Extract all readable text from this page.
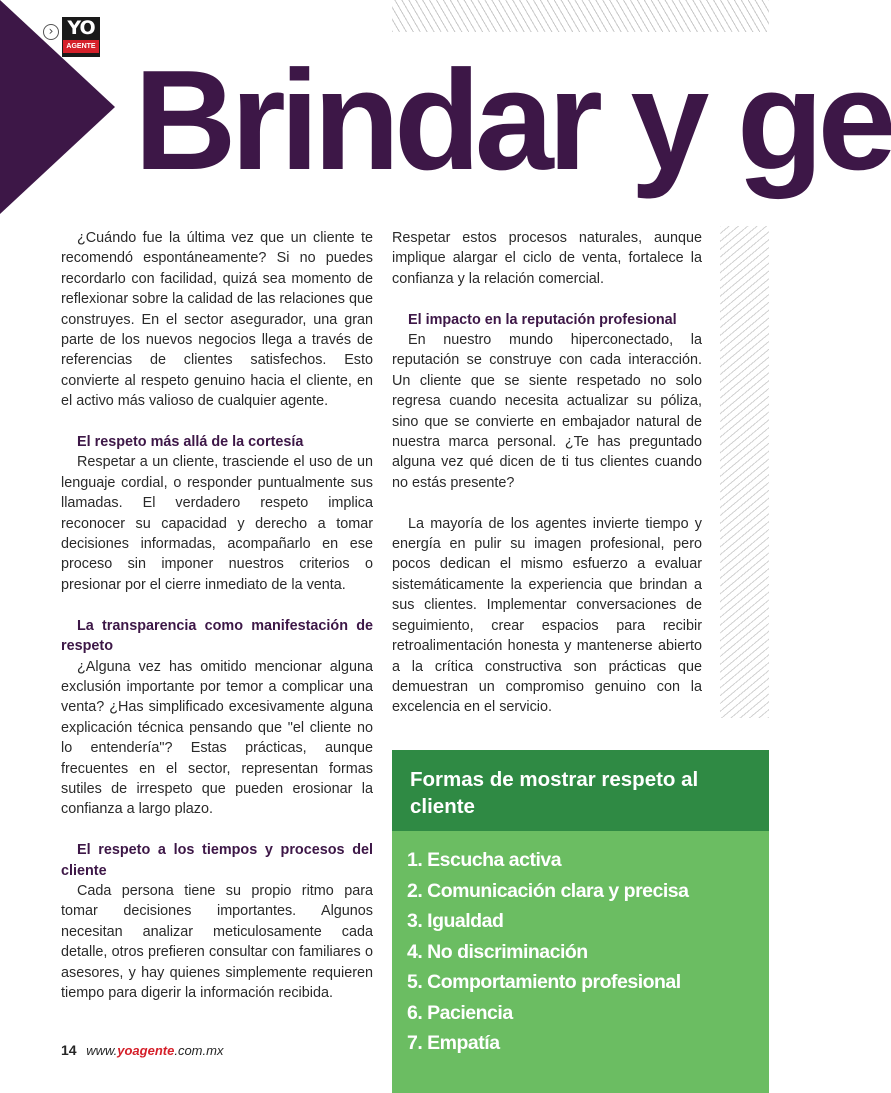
› YO
AGENTE Brindar y ge

¿Cuándo fue la última vez que un cliente te recomendó espontáneamente? Si no puedes recordarlo con facilidad, quizá sea momento de reflexionar sobre la calidad de las relaciones que construyes. En el sector asegurador, una gran parte de los nuevos negocios llega a través de referencias de clientes satisfechos. Esto convierte al respeto genuino hacia el cliente, en el activo más valioso de cualquier agente.

El respeto más allá de la cortesía

Respetar a un cliente, trasciende el uso de un lenguaje cordial, o responder puntualmente sus llamadas. El verdadero respeto implica reconocer su capacidad y derecho a tomar decisiones informadas, acompañarlo en ese proceso sin imponer nuestros criterios o presionar por el cierre inmediato de la venta.

La transparencia como manifestación de respeto

¿Alguna vez has omitido mencionar alguna exclusión importante por temor a complicar una venta? ¿Has simplificado excesivamente alguna explicación técnica pensando que "el cliente no lo entendería"? Estas prácticas, aunque frecuentes en el sector, representan formas sutiles de irrespeto que pueden erosionar la confianza a largo plazo.

El respeto a los tiempos y procesos del cliente

Cada persona tiene su propio ritmo para tomar decisiones importantes. Algunos necesitan analizar meticulosamente cada detalle, otros prefieren consultar con familiares o asesores, y hay quienes simplemente requieren tiempo para digerir la información recibida.

Respetar estos procesos naturales, aunque implique alargar el ciclo de venta, fortalece la confianza y la relación comercial.

El impacto en la reputación profesional

En nuestro mundo hiperconectado, la reputación se construye con cada interacción. Un cliente que se siente respetado no solo regresa cuando necesita actualizar su póliza, sino que se convierte en embajador natural de nuestra marca personal. ¿Te has preguntado alguna vez qué dicen de ti tus clientes cuando no estás presente?

La mayoría de los agentes invierte tiempo y energía en pulir su imagen profesional, pero pocos dedican el mismo esfuerzo a evaluar sistemáticamente la experiencia que brindan a sus clientes. Implementar conversaciones de seguimiento, crear espacios para recibir retroalimentación honesta y mantenerse abierto a la crítica constructiva son prácticas que demuestran un compromiso genuino con la excelencia en el servicio.

Formas de mostrar respeto al cliente
1. Escucha activa
2. Comunicación clara y precisa
3. Igualdad
4. No discriminación
5. Comportamiento profesional
6. Paciencia
7. Empatía
14 www.yoagente.com.mx
